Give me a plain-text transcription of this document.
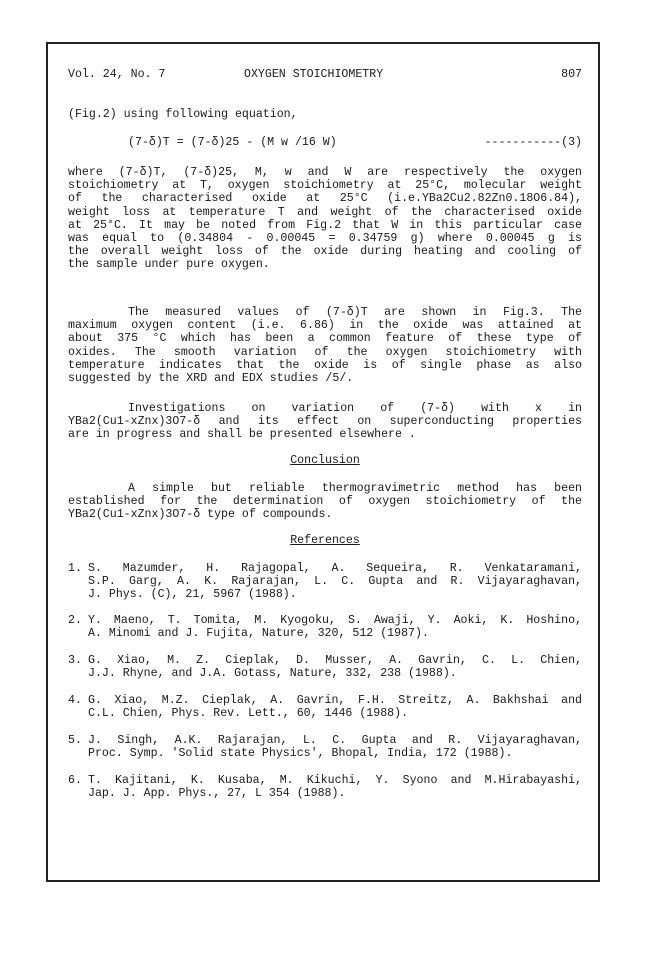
Vol. 24, No. 7	OXYGEN STOICHIOMETRY	807
(Fig.2) using following equation,
(7-δ)T = (7-δ)25 - (M w /16 W)	-----------(3)
where (7-δ)T, (7-δ)25, M, w and W are respectively the oxygen
stoichiometry at T, oxygen stoichiometry at 25°C, molecular weight
of the characterised oxide at 25°C (i.e.YBa2Cu2.82Zn0.18O6.84),
weight loss at temperature T and weight of the characterised oxide
at 25°C. It may be noted from Fig.2 that W in this particular case
was equal to (0.34804 - 0.00045 = 0.34759 g) where 0.00045 g is
the overall weight loss of the oxide during heating and cooling of
the sample under pure oxygen.
The measured values of (7-δ)T are shown in Fig.3. The
maximum oxygen content (i.e. 6.86) in the oxide was attained at
about 375 °C which has been a common feature of these type of
oxides. The smooth variation of the oxygen stoichiometry with
temperature indicates that the oxide is of single phase as also
suggested by the XRD and EDX studies /5/.
Investigations on variation of (7-δ) with x in
YBa2(Cu1-xZnx)3O7-δ and its effect on superconducting properties
are in progress and shall be presented elsewhere .
Conclusion
A simple but reliable thermogravimetric method has been
established for the determination of oxygen stoichiometry of the
YBa2(Cu1-xZnx)3O7-δ type of compounds.
References
1. S. Mazumder, H. Rajagopal, A. Sequeira, R. Venkataramani,
S.P. Garg, A. K. Rajarajan, L. C. Gupta and R. Vijayaraghavan,
J. Phys. (C), 21, 5967 (1988).
2. Y. Maeno, T. Tomita, M. Kyogoku, S. Awaji, Y. Aoki, K. Hoshino,
A. Minomi and J. Fujita, Nature, 320, 512 (1987).
3. G. Xiao, M. Z. Cieplak, D. Musser, A. Gavrin, C. L. Chien,
J.J. Rhyne, and J.A. Gotass, Nature, 332, 238 (1988).
4. G. Xiao, M.Z. Cieplak, A. Gavrin, F.H. Streitz, A. Bakhshai and
C.L. Chien, Phys. Rev. Lett., 60, 1446 (1988).
5. J. Singh, A.K. Rajarajan, L. C. Gupta and R. Vijayaraghavan,
Proc. Symp. 'Solid state Physics', Bhopal, India, 172 (1988).
6. T. Kajitani, K. Kusaba, M. Kikuchi, Y. Syono and M.Hirabayashi,
Jap. J. App. Phys., 27, L 354 (1988).
